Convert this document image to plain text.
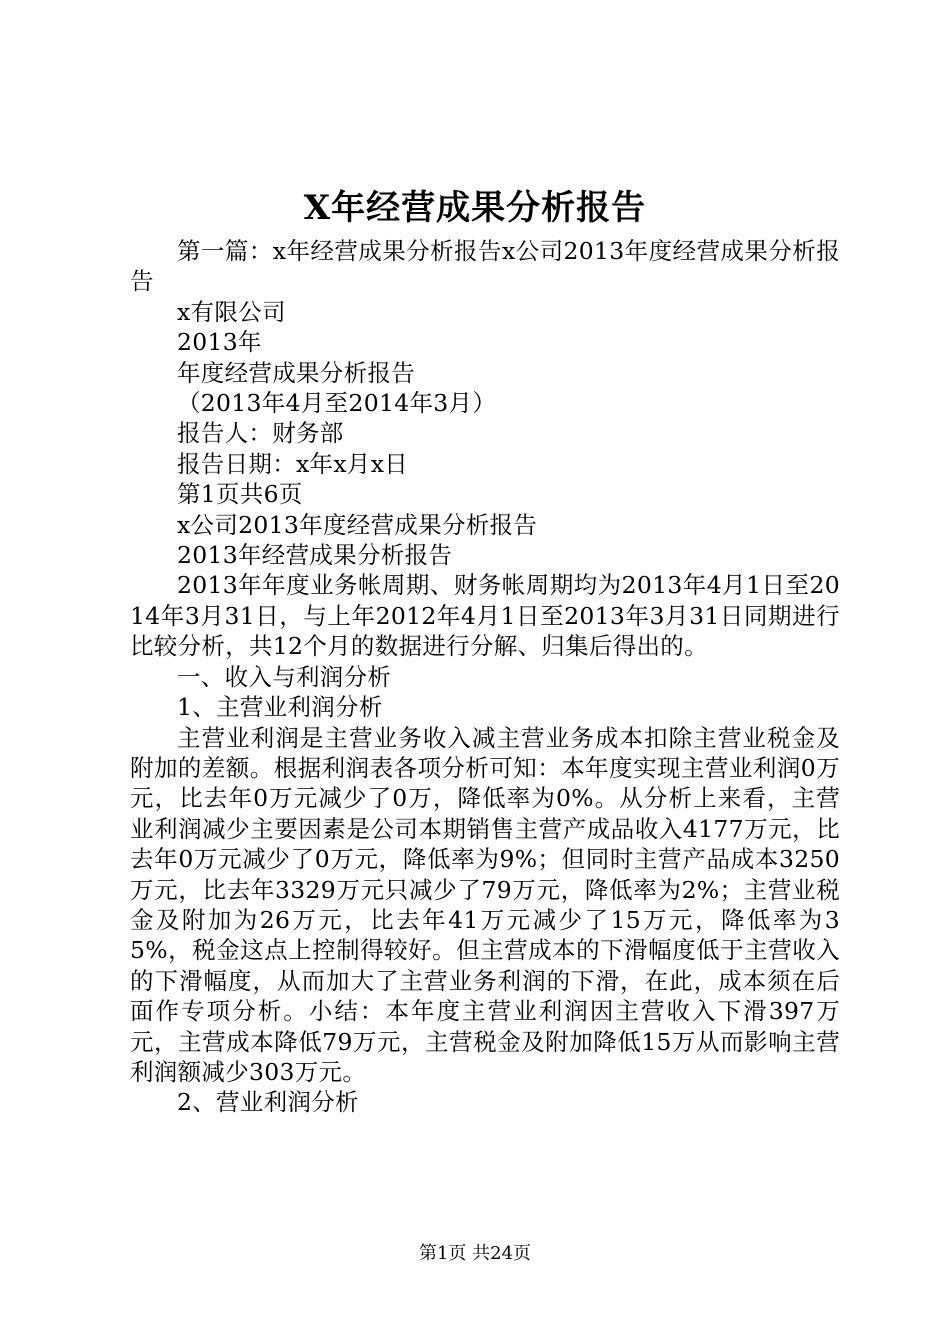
X年经营成果分析报告

第一篇：x年经营成果分析报告x公司2013年度经营成果分析报告

x有限公司

2013年

年度经营成果分析报告

（2013年4月至2014年3月）

报告人：财务部

报告日期：x年x月x日

第1页共6页

x公司2013年度经营成果分析报告

2013年经营成果分析报告

2013年年度业务帐周期、财务帐周期均为2013年4月1日至2014年3月31日，与上年2012年4月1日至2013年3月31日同期进行比较分析，共12个月的数据进行分解、归集后得出的。

一、收入与利润分析

1、主营业利润分析

主营业利润是主营业务收入减主营业务成本扣除主营业税金及附加的差额。根据利润表各项分析可知：本年度实现主营业利润0万元，比去年0万元减少了0万，降低率为0%。从分析上来看，主营业利润减少主要因素是公司本期销售主营产成品收入4177万元，比去年0万元减少了0万元，降低率为9%；但同时主营产品成本3250万元，比去年3329万元只减少了79万元，降低率为2%；主营业税金及附加为26万元，比去年41万元减少了15万元，降低率为35%，税金这点上控制得较好。但主营成本的下滑幅度低于主营收入的下滑幅度，从而加大了主营业务利润的下滑，在此，成本须在后面作专项分析。小结：本年度主营业利润因主营收入下滑397万元，主营成本降低79万元，主营税金及附加降低15万从而影响主营利润额减少303万元。

2、营业利润分析

第1页 共24页
